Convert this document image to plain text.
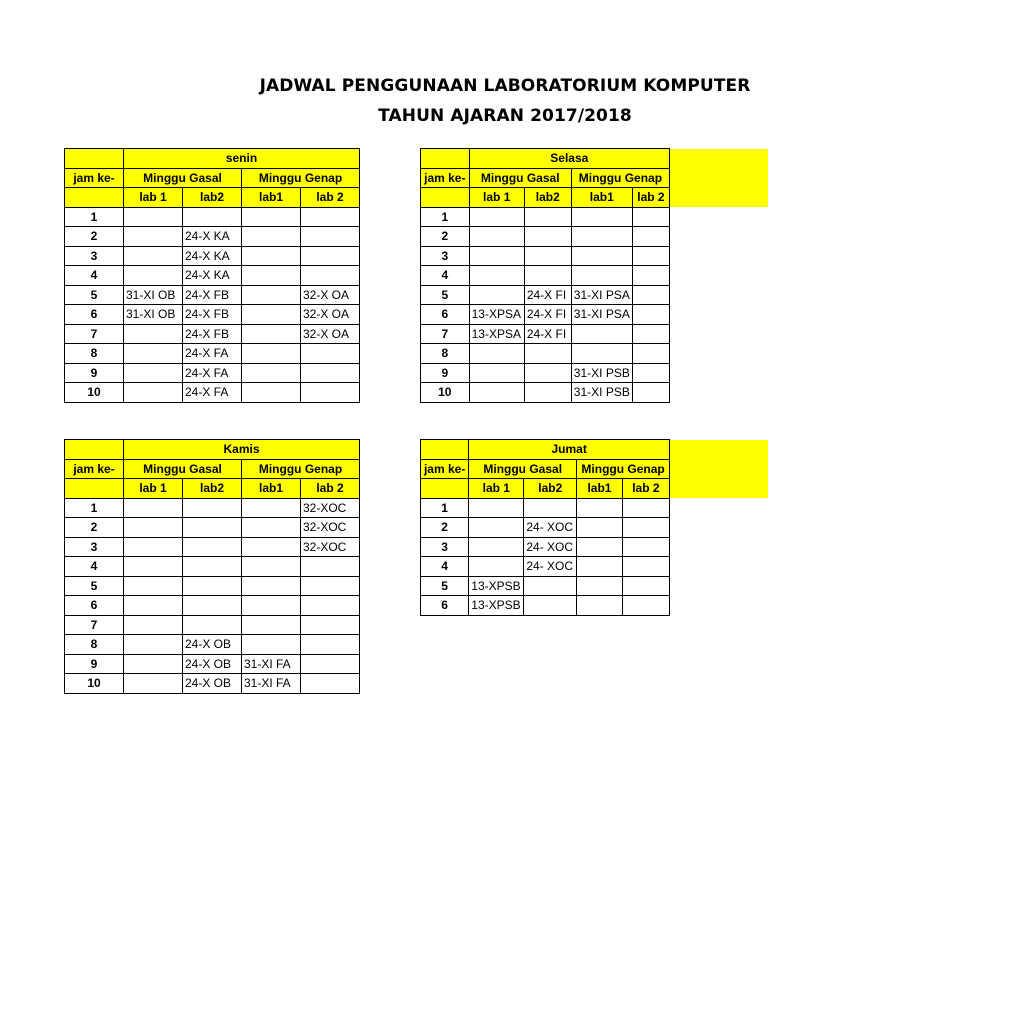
JADWAL PENGGUNAAN LABORATORIUM KOMPUTER
TAHUN AJARAN 2017/2018
	senin			
jam ke-	Minggu Gasal		Minggu Genap	
	lab 1	lab2	lab1	lab 2
1				
2		24-X KA		
3		24-X KA		
4		24-X KA		
5	31-XI OB	24-X FB		32-X OA
6	31-XI OB	24-X FB		32-X OA
7		24-X FB		32-X OA
8		24-X FA		
9		24-X FA		
10		24-X FA		
	Selasa			
jam ke-	Minggu Gasal		Minggu Genap	
	lab 1	lab2	lab1	lab 2
1				
2				
3				
4				
5		24-X FI	31-XI PSA	
6	13-XPSA	24-X FI	31-XI PSA	
7	13-XPSA	24-X FI		
8				
9			31-XI PSB	
10			31-XI PSB	
	Kamis			
jam ke-	Minggu Gasal		Minggu Genap	
	lab 1	lab2	lab1	lab 2
1				32-XOC
2				32-XOC
3				32-XOC
4				
5				
6				
7				
8		24-X OB		
9		24-X OB	31-XI FA	
10		24-X OB	31-XI FA	
	Jumat			
jam ke-	Minggu Gasal		Minggu Genap	
	lab 1	lab2	lab1	lab 2
1				
2		24- XOC		
3		24- XOC		
4		24- XOC		
5	13-XPSB			
6	13-XPSB			
